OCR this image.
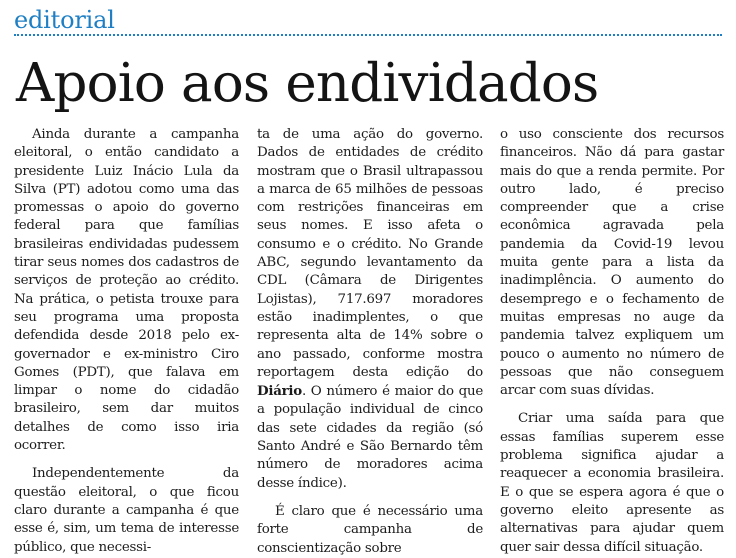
editorial
Apoio aos endividados

Ainda durante a campanha eleitoral, o então candidato a presidente Luiz Inácio Lula da Silva (PT) adotou como uma das promessas o apoio do governo federal para que famílias brasileiras endividadas pudessem tirar seus nomes dos cadastros de serviços de proteção ao crédito. Na prática, o petista trouxe para seu programa uma proposta defendida desde 2018 pelo ex-governador e ex-ministro Ciro Gomes (PDT), que falava em limpar o nome do cidadão brasileiro, sem dar muitos detalhes de como isso iria ocorrer.

Independentemente da questão eleitoral, o que ficou claro durante a campanha é que esse é, sim, um tema de interesse público, que necessi-

ta de uma ação do governo. Dados de entidades de crédito mostram que o Brasil ultrapassou a marca de 65 milhões de pessoas com restrições financeiras em seus nomes. E isso afeta o consumo e o crédito. No Grande ABC, segundo levantamento da CDL (Câmara de Dirigentes Lojistas), 717.697 moradores estão inadimplentes, o que representa alta de 14% sobre o ano passado, conforme mostra reportagem desta edição do Diário. O número é maior do que a população individual de cinco das sete cidades da região (só Santo André e São Bernardo têm número de moradores acima desse índice).

É claro que é necessário uma forte campanha de conscientização sobre

o uso consciente dos recursos financeiros. Não dá para gastar mais do que a renda permite. Por outro lado, é preciso compreender que a crise econômica agravada pela pandemia da Covid-19 levou muita gente para a lista da inadimplência. O aumento do desemprego e o fechamento de muitas empresas no auge da pandemia talvez expliquem um pouco o aumento no número de pessoas que não conseguem arcar com suas dívidas.

Criar uma saída para que essas famílias superem esse problema significa ajudar a reaquecer a economia brasileira. E o que se espera agora é que o governo eleito apresente as alternativas para ajudar quem quer sair dessa difícil situação.
